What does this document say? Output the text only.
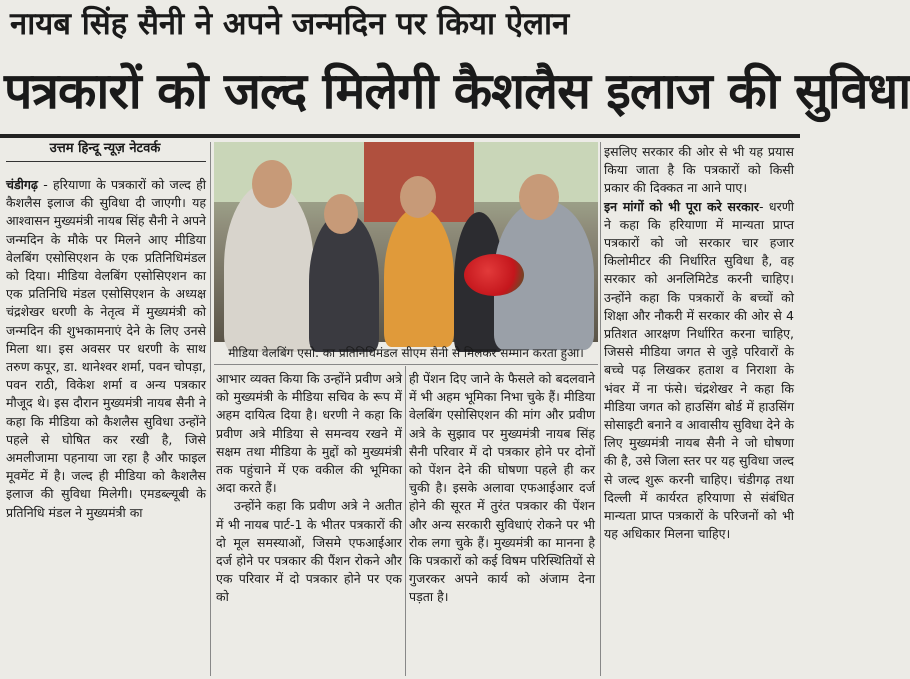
नायब सिंह सैनी ने अपने जन्मदिन पर किया ऐलान
पत्रकारों को जल्द मिलेगी कैशलैस इलाज की सुविधा
उत्तम हिन्दू न्यूज़ नेटवर्क

चंडीगढ़ - हरियाणा के पत्रकारों को जल्द ही कैशलैस इलाज की सुविधा दी जाएगी। यह आश्वासन मुख्यमंत्री नायब सिंह सैनी ने अपने जन्मदिन के मौके पर मिलने आए मीडिया वेलबिंग एसोसिएशन के एक प्रतिनिधिमंडल को दिया। मीडिया वेलबिंग एसोसिएशन का एक प्रतिनिधि मंडल एसोसिएशन के अध्यक्ष चंद्रशेखर धरणी के नेतृत्व में मुख्यमंत्री को जन्मदिन की शुभकामनाएं देने के लिए उनसे मिला था। इस अवसर पर धरणी के साथ तरुण कपूर, डा. थानेश्वर शर्मा, पवन चोपड़ा, पवन राठी, विकेश शर्मा व अन्य पत्रकार मौजूद थे। इस दौरान मुख्यमंत्री नायब सैनी ने कहा कि मीडिया को कैशलैस सुविधा उन्होंने पहले से घोषित कर रखी है, जिसे अमलीजामा पहनाया जा रहा है और फाइल मूवमेंट में है। जल्द ही मीडिया को कैशलैस इलाज की सुविधा मिलेगी। एमडब्ल्यूबी के प्रतिनिधि मंडल ने मुख्यमंत्री का

मीडिया वेलबिंग एसो. का प्रतिनिधिमंडल सीएम सैनी से मिलकर सम्मान करता हुआ।

आभार व्यक्त किया कि उन्होंने प्रवीण अत्रे को मुख्यमंत्री के मीडिया सचिव के रूप में अहम दायित्व दिया है। धरणी ने कहा कि प्रवीण अत्रे मीडिया से समन्वय रखने में सक्षम तथा मीडिया के मुद्दों को मुख्यमंत्री तक पहुंचाने में एक वकील की भूमिका अदा करते हैं।

उन्होंने कहा कि प्रवीण अत्रे ने अतीत में भी नायब पार्ट-1 के भीतर पत्रकारों की दो मूल समस्याओं, जिसमे एफआईआर दर्ज होने पर पत्रकार की पैंशन रोकने और एक परिवार में दो पत्रकार होने पर एक को

ही पेंशन दिए जाने के फैसले को बदलवाने में भी अहम भूमिका निभा चुके हैं। मीडिया वेलबिंग एसोसिएशन की मांग और प्रवीण अत्रे के सुझाव पर मुख्यमंत्री नायब सिंह सैनी परिवार में दो पत्रकार होने पर दोनों को पेंशन देने की घोषणा पहले ही कर चुकी है। इसके अलावा एफआईआर दर्ज होने की सूरत में तुरंत पत्रकार की पेंशन और अन्य सरकारी सुविधाएं रोकने पर भी रोक लगा चुके हैं। मुख्यमंत्री का मानना है कि पत्रकारों को कई विषम परिस्थितियों से गुजरकर अपने कार्य को अंजाम देना पड़ता है।

इसलिए सरकार की ओर से भी यह प्रयास किया जाता है कि पत्रकारों को किसी प्रकार की दिक्कत ना आने पाए।

इन मांगों को भी पूरा करे सरकार- धरणी ने कहा कि हरियाणा में मान्यता प्राप्त पत्रकारों को जो सरकार चार हजार किलोमीटर की निर्धारित सुविधा है, वह सरकार को अनलिमिटेड करनी चाहिए। उन्होंने कहा कि पत्रकारों के बच्चों को शिक्षा और नौकरी में सरकार की ओर से 4 प्रतिशत आरक्षण निर्धारित करना चाहिए, जिससे मीडिया जगत से जुड़े परिवारों के बच्चे पढ़ लिखकर हताश व निराशा के भंवर में ना फंसे। चंद्रशेखर ने कहा कि मीडिया जगत को हाउसिंग बोर्ड में हाउसिंग सोसाइटी बनाने व आवासीय सुविधा देने के लिए मुख्यमंत्री नायब सैनी ने जो घोषणा की है, उसे जिला स्तर पर यह सुविधा जल्द से जल्द शुरू करनी चाहिए। चंडीगढ़ तथा दिल्ली में कार्यरत हरियाणा से संबंधित मान्यता प्राप्त पत्रकारों के परिजनों को भी यह अधिकार मिलना चाहिए।
